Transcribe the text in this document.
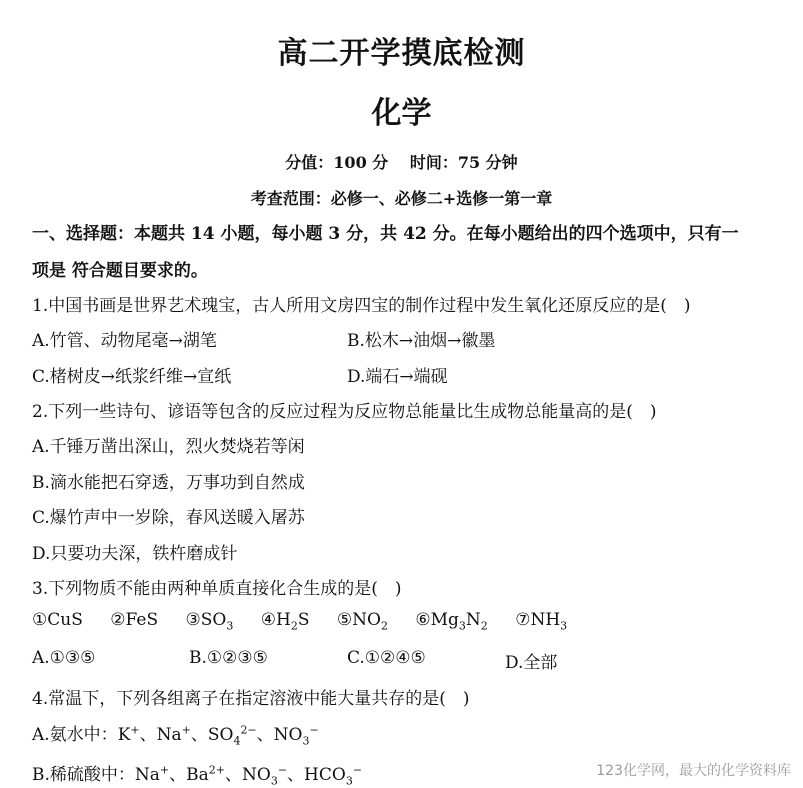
高二开学摸底检测
化学
分值：100 分　 时间：75 分钟
考查范围：必修一、必修二+选修一第一章
一、选择题：本题共 14 小题，每小题 3 分，共 42 分。在每小题给出的四个选项中，只有一
项是 符合题目要求的。
1.中国书画是世界艺术瑰宝，古人所用文房四宝的制作过程中发生氧化还原反应的是(　)
A.竹管、动物尾毫→湖笔	B.松木→油烟→徽墨
C.楮树皮→纸浆纤维→宣纸	D.端石→端砚
2.下列一些诗句、谚语等包含的反应过程为反应物总能量比生成物总能量高的是(　)
A.千锤万凿出深山，烈火焚烧若等闲
B.滴水能把石穿透，万事功到自然成
C.爆竹声中一岁除，春风送暖入屠苏
D.只要功夫深，铁杵磨成针
3.下列物质不能由两种单质直接化合生成的是(　)
①CuS ②FeS $③SO_3$ $④H_2S$ $⑤NO_2$ $⑥Mg_3N_2$ $⑦NH_3$
A.①③⑤	B.①②③⑤	C.①②④⑤	D.全部
4.常温下，下列各组离子在指定溶液中能大量共存的是(　)
A.氨水中：K+、Na+、$SO_4^{2-}$、$NO_3^-$
B.稀硫酸中：Na+、$Ba^{2+}$、$NO_3^-$、$HCO_3^-$	123化学网，最大的化学资料库
